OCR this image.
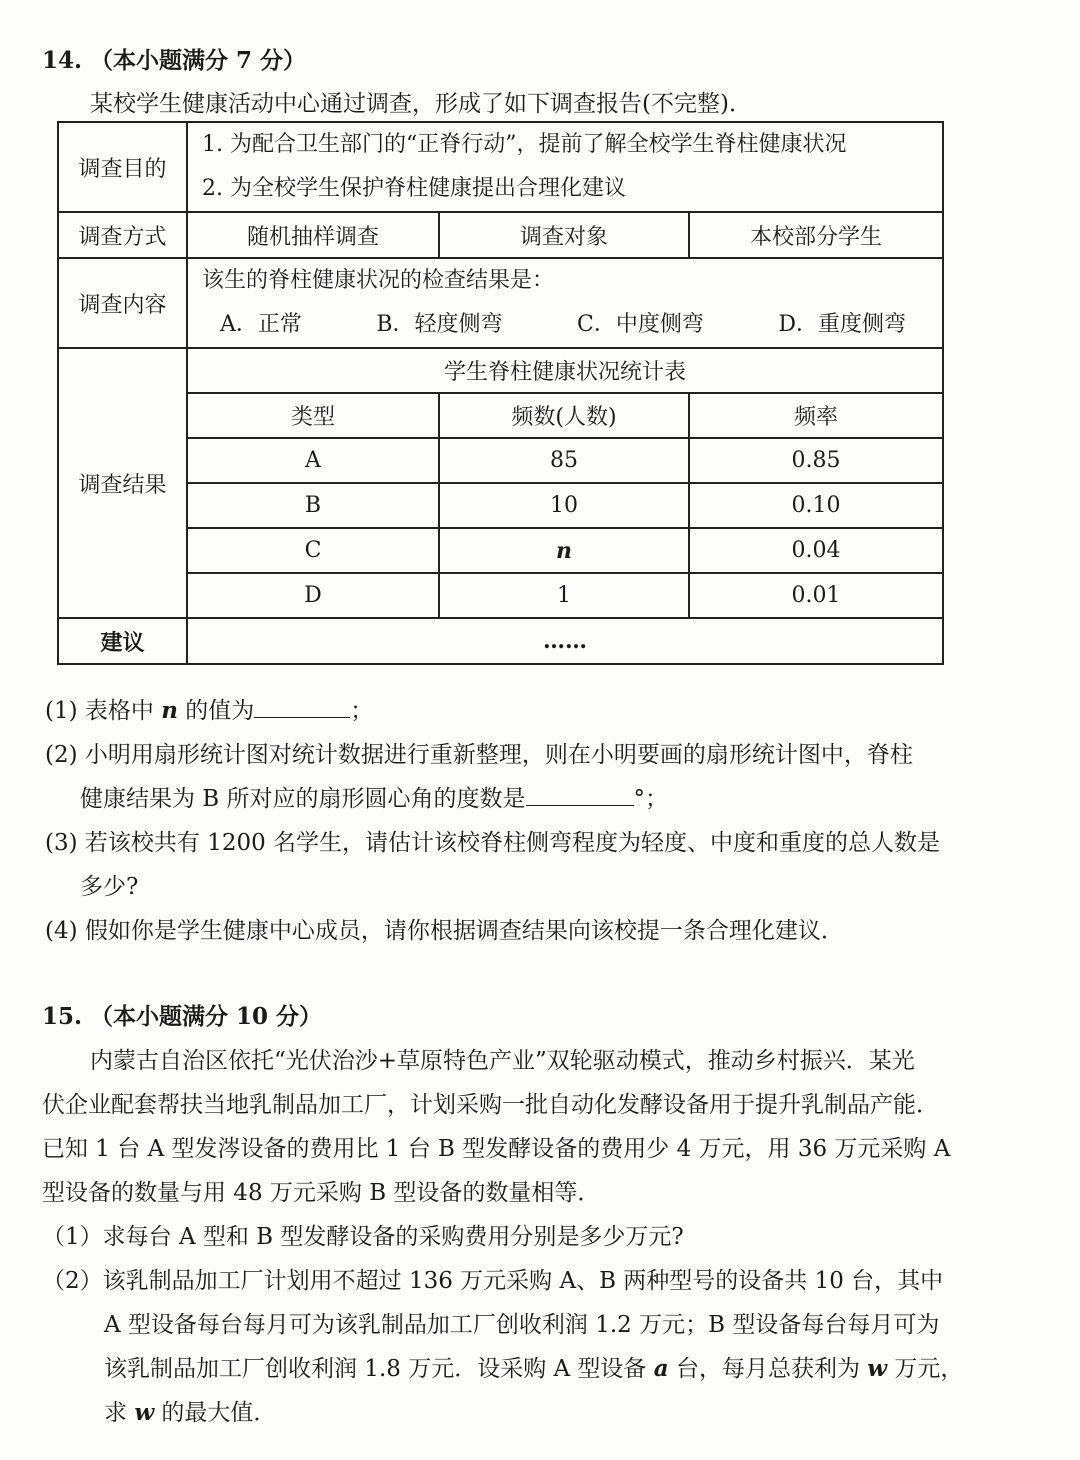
14. （本小题满分 7 分）
某校学生健康活动中心通过调查，形成了如下调查报告(不完整)．
调查目的	1. 为配合卫生部门的“正脊行动”，提前了解全校学生脊柱健康状况
2. 为全校学生保护脊柱健康提出合理化建议		

调查方式	随机抽样调查	调查对象	本校部分学生
调查内容	该生的脊柱健康状况的检查结果是：
A．正常 B．轻度侧弯 C．中度侧弯 D．重度侧弯		

调查结果	学生脊柱健康状况统计表		
	类型	频数(人数)	频率
	A	85	0.85
	B	10	0.10
	C	n	0.04
	D	1	0.01
建议	……		
(1) 表格中 n 的值为	；
(2) 小明用扇形统计图对统计数据进行重新整理，则在小明要画的扇形统计图中，脊柱
健康结果为 B 所对应的扇形圆心角的度数是	°；
(3) 若该校共有 1200 名学生，请估计该校脊柱侧弯程度为轻度、中度和重度的总人数是
多少?
(4) 假如你是学生健康中心成员，请你根据调查结果向该校提一条合理化建议．
15. （本小题满分 10 分）
内蒙古自治区依托“光伏治沙+草原特色产业”双轮驱动模式，推动乡村振兴．某光
伏企业配套帮扶当地乳制品加工厂，计划采购一批自动化发酵设备用于提升乳制品产能．
已知 1 台 A 型发涔设备的费用比 1 台 B 型发酵设备的费用少 4 万元，用 36 万元采购 A
型设备的数量与用 48 万元采购 B 型设备的数量相等．
（1）求每台 A 型和 B 型发酵设备的采购费用分别是多少万元?
（2）该乳制品加工厂计划用不超过 136 万元采购 A、B 两种型号的设备共 10 台，其中
A 型设备每台每月可为该乳制品加工厂创收利润 1.2 万元；B 型设备每台每月可为
该乳制品加工厂创收利润 1.8 万元．设采购 A 型设备 a 台，每月总获利为 w 万元，
求 w 的最大值．
